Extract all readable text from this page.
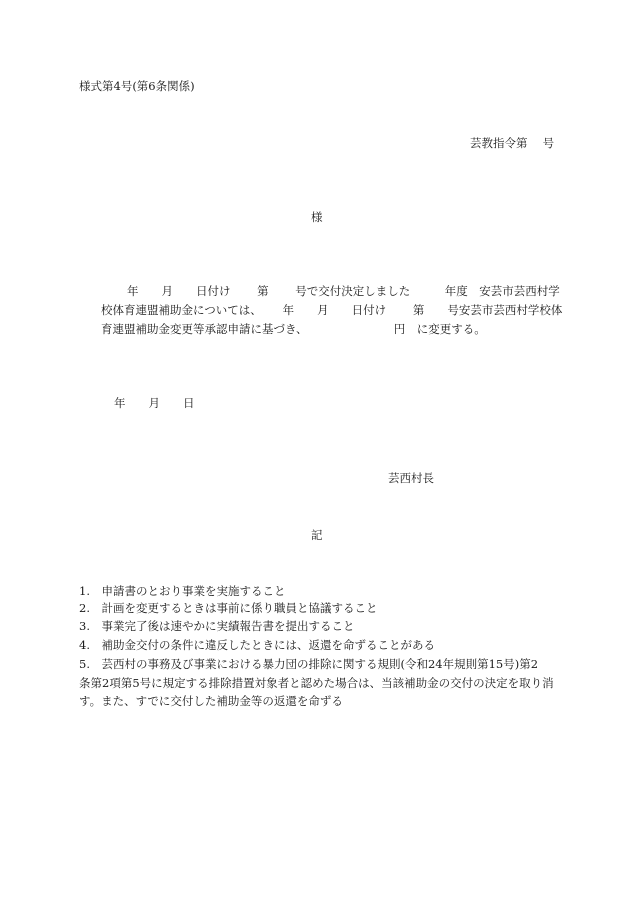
様式第4号(第6条関係)
芸教指令第　 号
様
年　　月　　日付け　　 第　　 号で交付決定しました　　　年度　安芸市芸西村学
校体育連盟補助金については、　　 年　　月　　日付け　　 第　　号安芸市芸西村学校体
育連盟補助金変更等承認申請に基づき、　　　　　　　　円　に変更する。
年　　月　　日
芸西村長
記
1.　申請書のとおり事業を実施すること
2.　計画を変更するときは事前に係り職員と協議すること
3.　事業完了後は速やかに実績報告書を提出すること
4.　補助金交付の条件に違反したときには、返還を命ずることがある
5.　芸西村の事務及び事業における暴力団の排除に関する規則(令和24年規則第15号)第2
条第2項第5号に規定する排除措置対象者と認めた場合は、当該補助金の交付の決定を取り消
す。また、すでに交付した補助金等の返還を命ずる
